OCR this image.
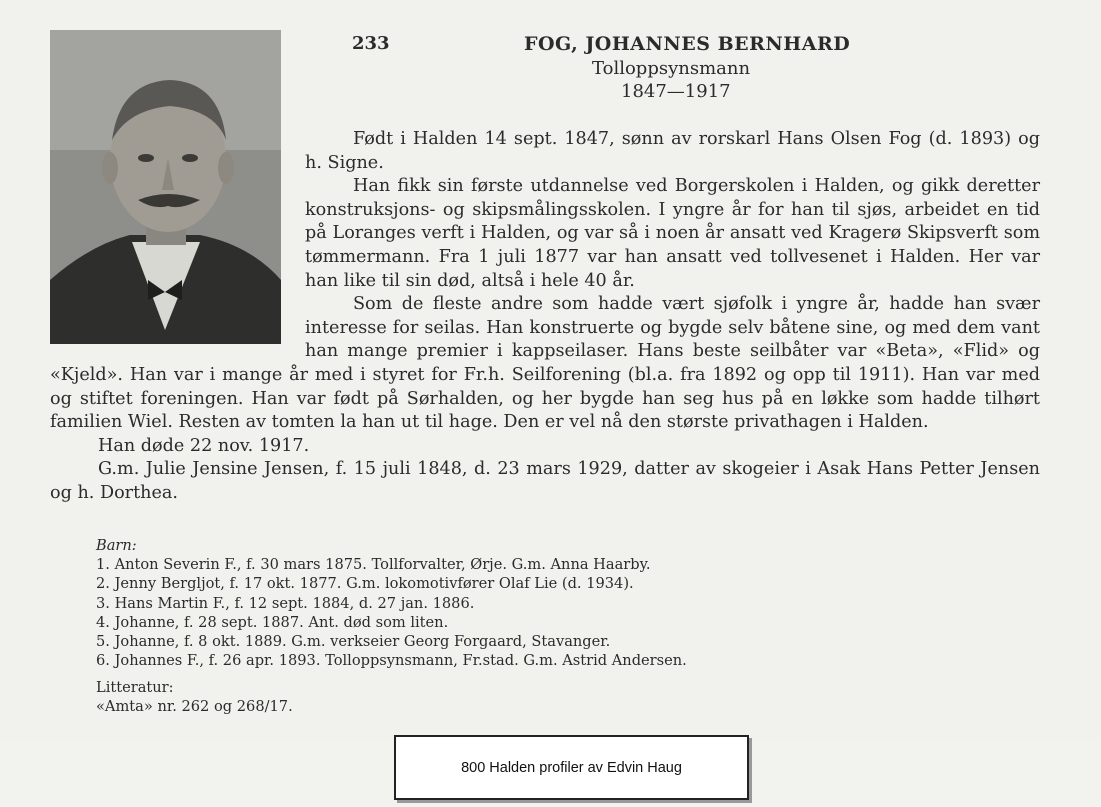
233	FOG, JOHANNES BERNHARD
Tolloppsynsmann
1847—1917

Født i Halden 14 sept. 1847, sønn av rorskarl Hans Olsen Fog (d. 1893) og h. Signe.

Han fikk sin første utdannelse ved Borgerskolen i Halden, og gikk deretter konstruksjons- og skipsmålingsskolen. I yngre år for han til sjøs, arbeidet en tid på Loranges verft i Halden, og var så i noen år ansatt ved Kragerø Skipsverft som tømmermann. Fra 1 juli 1877 var han ansatt ved tollvesenet i Halden. Her var han like til sin død, altså i hele 40 år.

Som de fleste andre som hadde vært sjøfolk i yngre år, hadde han svær interesse for seilas. Han konstruerte og bygde selv båtene sine, og med dem vant han mange premier i kappseilaser. Hans beste seilbåter var «Beta», «Flid» og «Kjeld». Han var i mange år med i styret for Fr.h. Seilforening (bl.a. fra 1892 og opp til 1911). Han var med og stiftet foreningen. Han var født på Sørhalden, og her bygde han seg hus på en løkke som hadde tilhørt familien Wiel. Resten av tomten la han ut til hage. Den er vel nå den største privathagen i Halden.

Han døde 22 nov. 1917.

G.m. Julie Jensine Jensen, f. 15 juli 1848, d. 23 mars 1929, datter av skogeier i Asak Hans Petter Jensen og h. Dorthea.

Barn:
1. Anton Severin F., f. 30 mars 1875. Tollforvalter, Ørje. G.m. Anna Haarby.
2. Jenny Bergljot, f. 17 okt. 1877. G.m. lokomotivfører Olaf Lie (d. 1934).
3. Hans Martin F., f. 12 sept. 1884, d. 27 jan. 1886.
4. Johanne, f. 28 sept. 1887. Ant. død som liten.
5. Johanne, f. 8 okt. 1889. G.m. verkseier Georg Forgaard, Stavanger.
6. Johannes F., f. 26 apr. 1893. Tolloppsynsmann, Fr.stad. G.m. Astrid Andersen.
Litteratur:
«Amta» nr. 262 og 268/17.
800 Halden profiler av Edvin Haug
